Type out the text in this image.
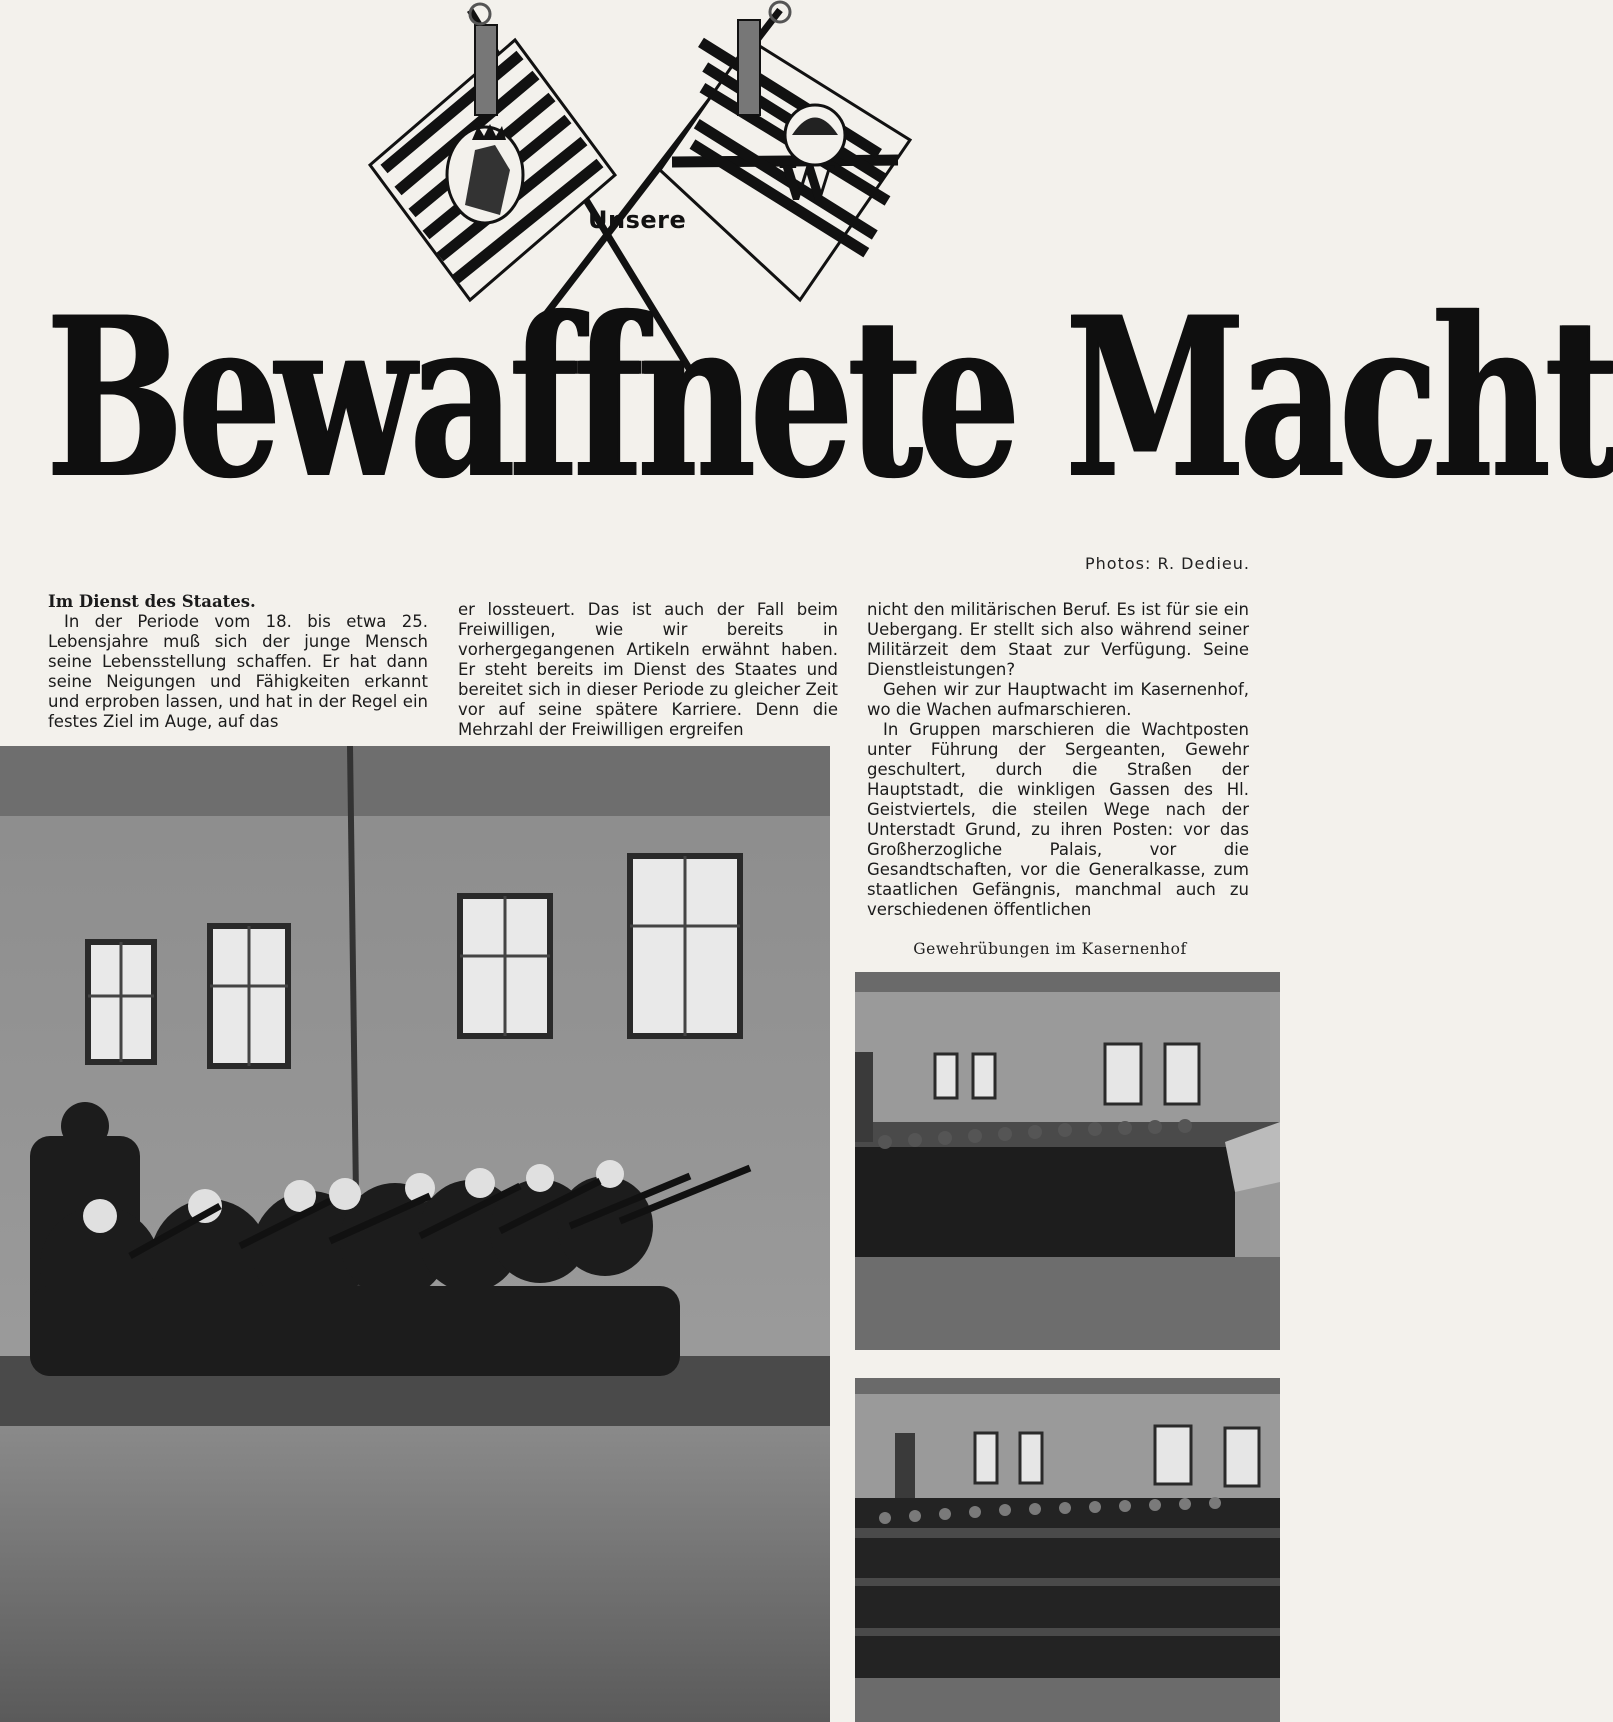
W
Unsere
Bewaffnete Macht
Photos: R. Dedieu.
Im Dienst des Staates.

In der Periode vom 18. bis etwa 25. Lebensjahre muß sich der junge Mensch seine Lebensstellung schaffen. Er hat dann seine Neigungen und Fähigkeiten erkannt und erproben lassen, und hat in der Regel ein festes Ziel im Auge, auf das

er lossteuert. Das ist auch der Fall beim Freiwilligen, wie wir bereits in vorhergegangenen Artikeln erwähnt haben. Er steht bereits im Dienst des Staates und bereitet sich in dieser Periode zu gleicher Zeit vor auf seine spätere Karriere. Denn die Mehrzahl der Freiwilligen ergreifen

nicht den militärischen Beruf. Es ist für sie ein Uebergang. Er stellt sich also während seiner Militärzeit dem Staat zur Verfügung. Seine Dienstleistungen?

Gehen wir zur Hauptwacht im Kasernenhof, wo die Wachen aufmarschieren.

In Gruppen marschieren die Wachtposten unter Führung der Sergeanten, Gewehr geschultert, durch die Straßen der Hauptstadt, die winkligen Gassen des Hl. Geistviertels, die steilen Wege nach der Unterstadt Grund, zu ihren Posten: vor das Großherzogliche Palais, vor die Gesandtschaften, vor die Generalkasse, zum staatlichen Gefängnis, manchmal auch zu verschiedenen öffentlichen

Gewehrübungen im Kasernenhof
